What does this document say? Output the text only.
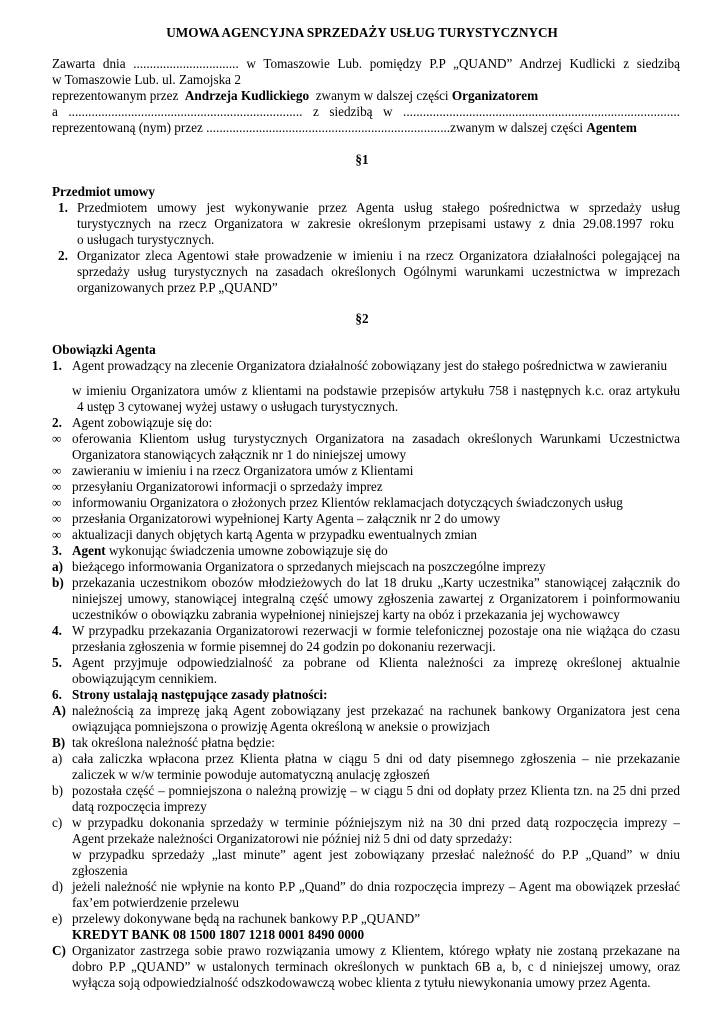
UMOWA AGENCYJNA SPRZEDAŻY USŁUG TURYSTYCZNYCH
Zawarta dnia ................................ w Tomaszowie Lub. pomiędzy P.P „QUAND” Andrzej Kudlicki z siedzibą
w Tomaszowie Lub. ul. Zamojska 2
reprezentowanym przez Andrzeja Kudlickiego zwanym w dalszej części Organizatorem
a ....................................................................... z siedzibą w ....................................................................................
reprezentowaną (nym) przez ..........................................................................zwanym w dalszej części Agentem
§1
Przedmiot umowy
1. Przedmiotem umowy jest wykonywanie przez Agenta usług stałego pośrednictwa w sprzedaży usług
turystycznych na rzecz Organizatora w zakresie określonym przepisami ustawy z dnia 29.08.1997 roku
o usługach turystycznych.
2. Organizator zleca Agentowi stałe prowadzenie w imieniu i na rzecz Organizatora działalności polegającej na
sprzedaży usług turystycznych na zasadach określonych Ogólnymi warunkami uczestnictwa w imprezach
organizowanych przez P.P „QUAND”
§2
Obowiązki Agenta
1. Agent prowadzący na zlecenie Organizatora działalność zobowiązany jest do stałego pośrednictwa w zawieraniu
w imieniu Organizatora umów z klientami na podstawie przepisów artykułu 758 i następnych k.c. oraz artykułu
4 ustęp 3 cytowanej wyżej ustawy o usługach turystycznych.
2. Agent zobowiązuje się do:
∞ oferowania Klientom usług turystycznych Organizatora na zasadach określonych Warunkami Uczestnictwa
Organizatora stanowiących załącznik nr 1 do niniejszej umowy
∞ zawieraniu w imieniu i na rzecz Organizatora umów z Klientami
∞ przesyłaniu Organizatorowi informacji o sprzedaży imprez
∞ informowaniu Organizatora o złożonych przez Klientów reklamacjach dotyczących świadczonych usług
∞ przesłania Organizatorowi wypełnionej Karty Agenta – załącznik nr 2 do umowy
∞ aktualizacji danych objętych kartą Agenta w przypadku ewentualnych zmian
3. Agent wykonując świadczenia umowne zobowiązuje się do
a) bieżącego informowania Organizatora o sprzedanych miejscach na poszczególne imprezy
b) przekazania uczestnikom obozów młodzieżowych do lat 18 druku „Karty uczestnika” stanowiącej załącznik do
niniejszej umowy, stanowiącej integralną część umowy zgłoszenia zawartej z Organizatorem i poinformowaniu
uczestników o obowiązku zabrania wypełnionej niniejszej karty na obóz i przekazania jej wychowawcy
4. W przypadku przekazania Organizatorowi rezerwacji w formie telefonicznej pozostaje ona nie wiążąca do czasu
przesłania zgłoszenia w formie pisemnej do 24 godzin po dokonaniu rezerwacji.
5. Agent przyjmuje odpowiedzialność za pobrane od Klienta należności za imprezę określonej aktualnie
obowiązującym cennikiem.
6. Strony ustalają następujące zasady płatności:
A) należnością za imprezę jaką Agent zobowiązany jest przekazać na rachunek bankowy Organizatora jest cena
owiązująca pomniejszona o prowizję Agenta określoną w aneksie o prowizjach
B) tak określona należność płatna będzie:
a) cała zaliczka wpłacona przez Klienta płatna w ciągu 5 dni od daty pisemnego zgłoszenia – nie przekazanie
zaliczek w w/w terminie powoduje automatyczną anulację zgłoszeń
b) pozostała część – pomniejszona o należną prowizję – w ciągu 5 dni od dopłaty przez Klienta tzn. na 25 dni przed
datą rozpoczęcia imprezy
c) w przypadku dokonania sprzedaży w terminie późniejszym niż na 30 dni przed datą rozpoczęcia imprezy –
Agent przekaże należności Organizatorowi nie później niż 5 dni od daty sprzedaży:
w przypadku sprzedaży „last minute” agent jest zobowiązany przesłać należność do P.P „Quand” w dniu
zgłoszenia
d) jeżeli należność nie wpłynie na konto P.P „Quand” do dnia rozpoczęcia imprezy – Agent ma obowiązek przesłać
fax’em potwierdzenie przelewu
e) przelewy dokonywane będą na rachunek bankowy P.P „QUAND”
KREDYT BANK 08 1500 1807 1218 0001 8490 0000
C) Organizator zastrzega sobie prawo rozwiązania umowy z Klientem, którego wpłaty nie zostaną przekazane na
dobro P.P „QUAND” w ustalonych terminach określonych w punktach 6B a, b, c d niniejszej umowy, oraz
wyłącza soją odpowiedzialność odszkodowawczą wobec klienta z tytułu niewykonania umowy przez Agenta.
